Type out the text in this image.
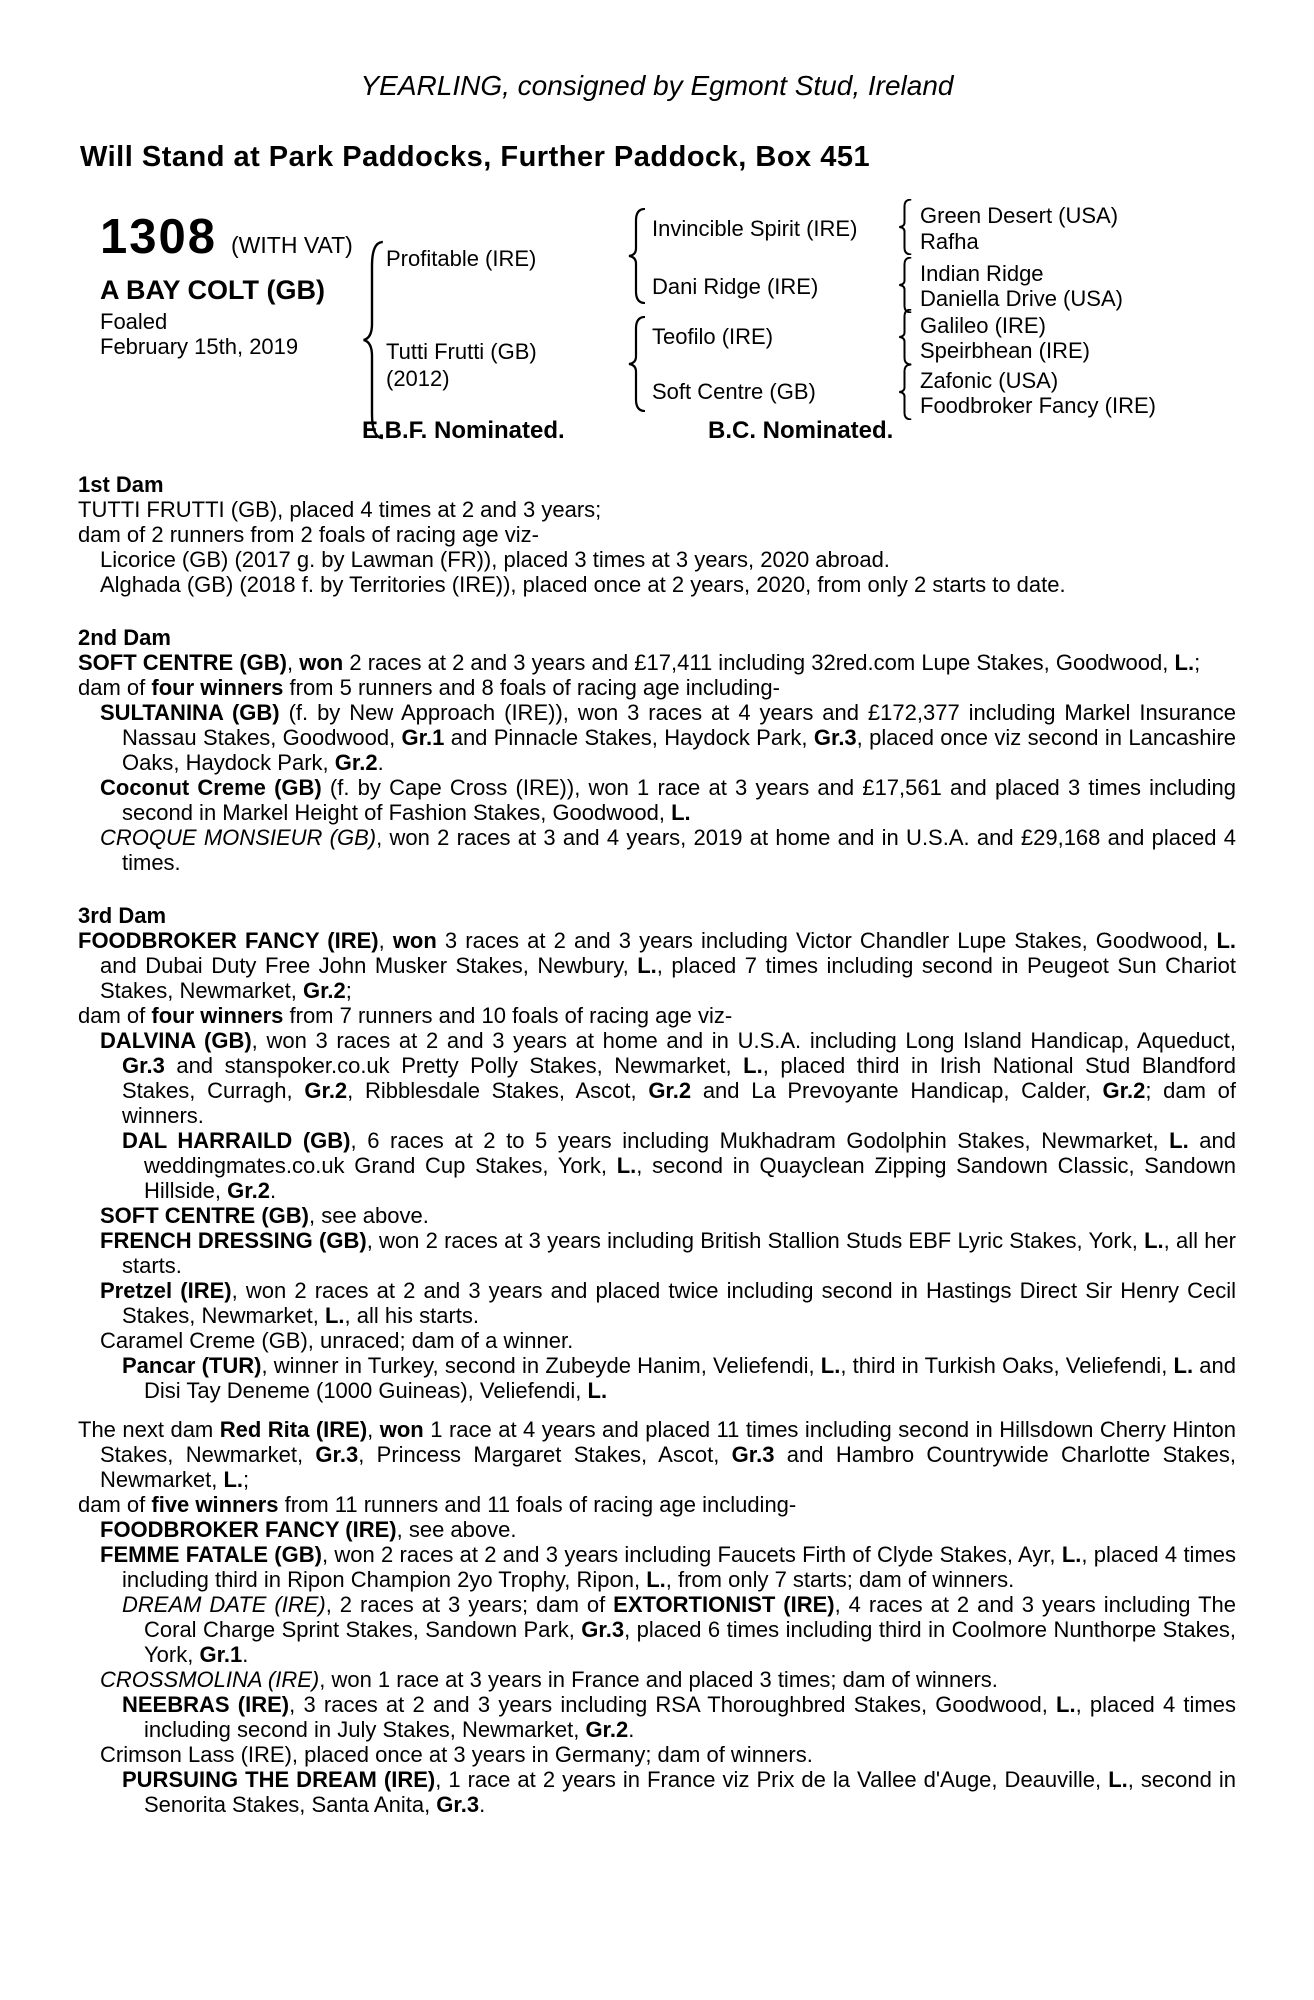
YEARLING, consigned by Egmont Stud, Ireland
Will Stand at Park Paddocks, Further Paddock, Box 451
1308 (WITH VAT)
A BAY COLT (GB)
Foaled
February 15th, 2019
Profitable (IRE)
Tutti Frutti (GB)
(2012)
Invincible Spirit (IRE)
Dani Ridge (IRE)
Teofilo (IRE)
Soft Centre (GB)
Green Desert (USA)
Rafha
Indian Ridge
Daniella Drive (USA)
Galileo (IRE)
Speirbhean (IRE)
Zafonic (USA)
Foodbroker Fancy (IRE)
E.B.F. Nominated.	B.C. Nominated.
1st Dam

TUTTI FRUTTI (GB), placed 4 times at 2 and 3 years;

dam of 2 runners from 2 foals of racing age viz-

Licorice (GB) (2017 g. by Lawman (FR)), placed 3 times at 3 years, 2020 abroad.

Alghada (GB) (2018 f. by Territories (IRE)), placed once at 2 years, 2020, from only 2 starts to date.

2nd Dam

SOFT CENTRE (GB), won 2 races at 2 and 3 years and £17,411 including 32red.com Lupe Stakes, Goodwood, L.;

dam of four winners from 5 runners and 8 foals of racing age including-

SULTANINA (GB) (f. by New Approach (IRE)), won 3 races at 4 years and £172,377 including Markel Insurance Nassau Stakes, Goodwood, Gr.1 and Pinnacle Stakes, Haydock Park, Gr.3, placed once viz second in Lancashire Oaks, Haydock Park, Gr.2.

Coconut Creme (GB) (f. by Cape Cross (IRE)), won 1 race at 3 years and £17,561 and placed 3 times including second in Markel Height of Fashion Stakes, Goodwood, L.

CROQUE MONSIEUR (GB), won 2 races at 3 and 4 years, 2019 at home and in U.S.A. and £29,168 and placed 4 times.

3rd Dam

FOODBROKER FANCY (IRE), won 3 races at 2 and 3 years including Victor Chandler Lupe Stakes, Goodwood, L. and Dubai Duty Free John Musker Stakes, Newbury, L., placed 7 times including second in Peugeot Sun Chariot Stakes, Newmarket, Gr.2;

dam of four winners from 7 runners and 10 foals of racing age viz-

DALVINA (GB), won 3 races at 2 and 3 years at home and in U.S.A. including Long Island Handicap, Aqueduct, Gr.3 and stanspoker.co.uk Pretty Polly Stakes, Newmarket, L., placed third in Irish National Stud Blandford Stakes, Curragh, Gr.2, Ribblesdale Stakes, Ascot, Gr.2 and La Prevoyante Handicap, Calder, Gr.2; dam of winners.

DAL HARRAILD (GB), 6 races at 2 to 5 years including Mukhadram Godolphin Stakes, Newmarket, L. and weddingmates.co.uk Grand Cup Stakes, York, L., second in Quayclean Zipping Sandown Classic, Sandown Hillside, Gr.2.

SOFT CENTRE (GB), see above.

FRENCH DRESSING (GB), won 2 races at 3 years including British Stallion Studs EBF Lyric Stakes, York, L., all her starts.

Pretzel (IRE), won 2 races at 2 and 3 years and placed twice including second in Hastings Direct Sir Henry Cecil Stakes, Newmarket, L., all his starts.

Caramel Creme (GB), unraced; dam of a winner.

Pancar (TUR), winner in Turkey, second in Zubeyde Hanim, Veliefendi, L., third in Turkish Oaks, Veliefendi, L. and Disi Tay Deneme (1000 Guineas), Veliefendi, L.

The next dam Red Rita (IRE), won 1 race at 4 years and placed 11 times including second in Hillsdown Cherry Hinton Stakes, Newmarket, Gr.3, Princess Margaret Stakes, Ascot, Gr.3 and Hambro Countrywide Charlotte Stakes, Newmarket, L.;

dam of five winners from 11 runners and 11 foals of racing age including-

FOODBROKER FANCY (IRE), see above.

FEMME FATALE (GB), won 2 races at 2 and 3 years including Faucets Firth of Clyde Stakes, Ayr, L., placed 4 times including third in Ripon Champion 2yo Trophy, Ripon, L., from only 7 starts; dam of winners.

DREAM DATE (IRE), 2 races at 3 years; dam of EXTORTIONIST (IRE), 4 races at 2 and 3 years including The Coral Charge Sprint Stakes, Sandown Park, Gr.3, placed 6 times including third in Coolmore Nunthorpe Stakes, York, Gr.1.

CROSSMOLINA (IRE), won 1 race at 3 years in France and placed 3 times; dam of winners.

NEEBRAS (IRE), 3 races at 2 and 3 years including RSA Thoroughbred Stakes, Goodwood, L., placed 4 times including second in July Stakes, Newmarket, Gr.2.

Crimson Lass (IRE), placed once at 3 years in Germany; dam of winners.

PURSUING THE DREAM (IRE), 1 race at 2 years in France viz Prix de la Vallee d'Auge, Deauville, L., second in Senorita Stakes, Santa Anita, Gr.3.
